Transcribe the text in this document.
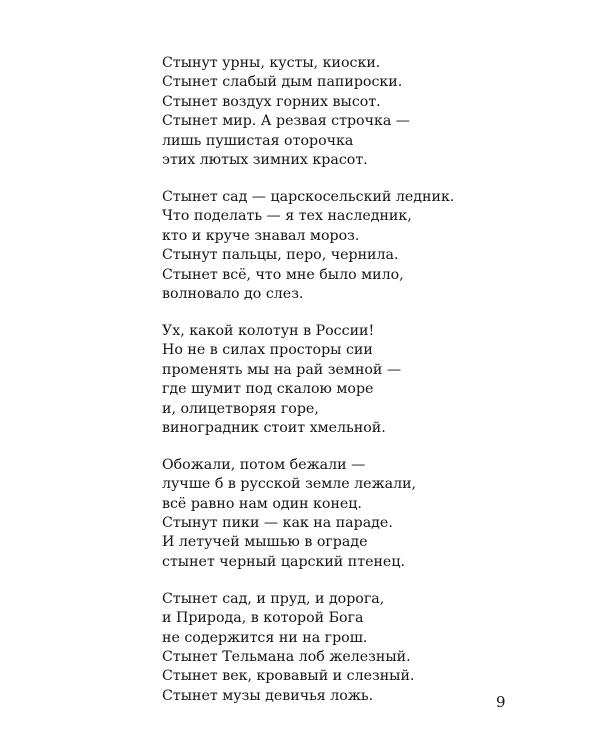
Стынут урны, кусты, киоски.
Стынет слабый дым папироски.
Стынет воздух горних высот.
Стынет мир. А резвая строчка —
лишь пушистая оторочка
этих лютых зимних красот.
Стынет сад — царскосельский ледник.
Что поделать — я тех наследник,
кто и круче знавал мороз.
Стынут пальцы, перо, чернила.
Стынет всё, что мне было мило,
волновало до слез.
Ух, какой колотун в России!
Но не в силах просторы сии
променять мы на рай земной —
где шумит под скалою море
и, олицетворяя горе,
виноградник стоит хмельной.
Обожали, потом бежали —
лучше б в русской земле лежали,
всё равно нам один конец.
Стынут пики — как на параде.
И летучей мышью в ограде
стынет черный царский птенец.
Стынет сад, и пруд, и дорога,
и Природа, в которой Бога
не содержится ни на грош.
Стынет Тельмана лоб железный.
Стынет век, кровавый и слезный.
Стынет музы девичья ложь.	9
